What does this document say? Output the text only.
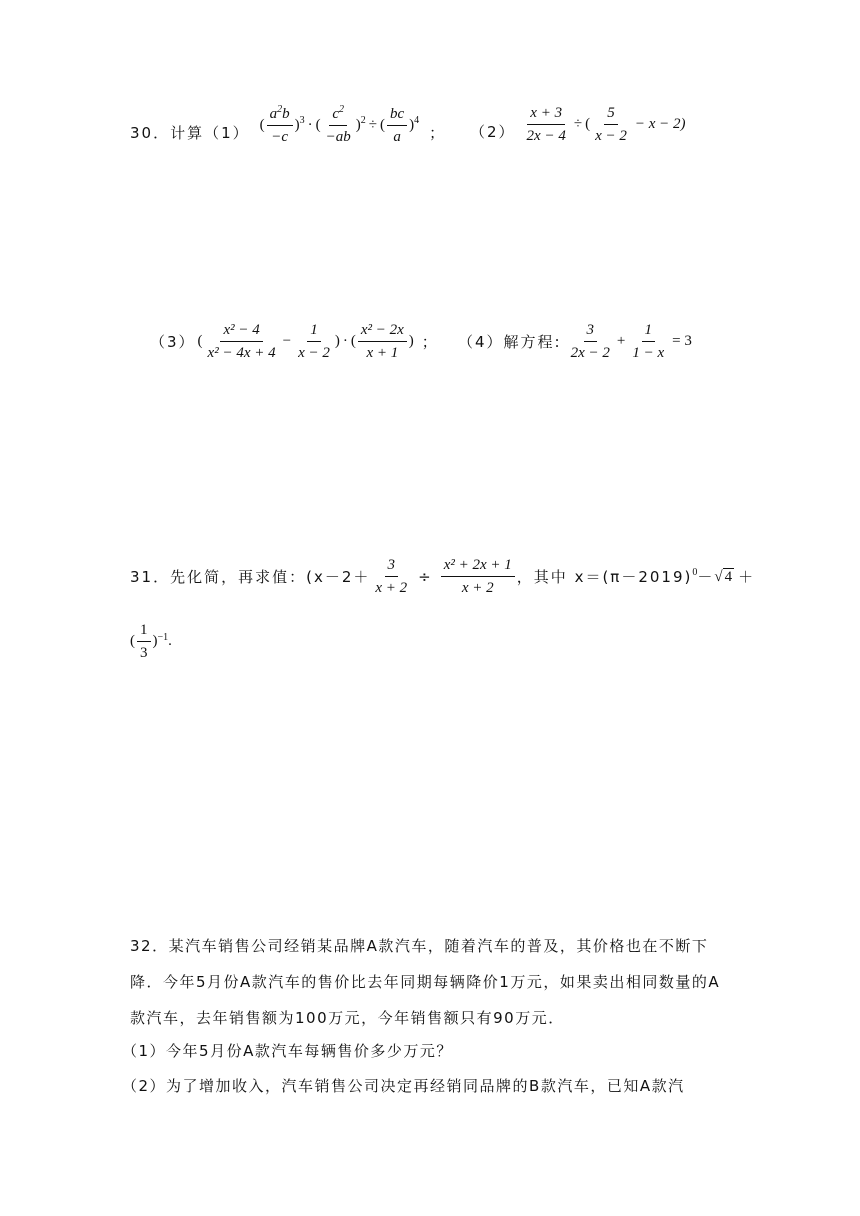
30．计算（1） ( $\frac{a^2b}{-c} )^3$ · ( $\frac{c^2}{-ab} )^2$ ÷ ( $\frac{bc}{a} )^4$
； $(2) \frac{x + 3}{2x - 4}$ ÷ ( $\frac{5}{x - 2} - x - 2$)
（3） ( $\frac{\text{x² − 4}}{\text{x² − 4x + 4}} - \frac{1}{x - 2}$ ) · ( $\frac{\text{x² − 2x}}{x + 1}$ ) ； （4）解方程: $\frac{3}{2x - 2} + \frac{1}{1 - x} = 3$
31．先化简，再求值：($x-2+ \frac{3}{x + 2} \div \frac{\text{x² + 2x + 1}}{x + 2}$ ，其中 x＝(π－2019) 0 － √ 4 ＋
( $\frac{1}{3}$ ) −1 .
32．某汽车销售公司经销某品牌A款汽车，随着汽车的普及，其价格也在不断下降．今年5月份A款汽车的售价比去年同期每辆降价1万元，如果卖出相同数量的A款汽车，去年销售额为100万元，今年销售额只有90万元．
（1）今年5月份A款汽车每辆售价多少万元？
（2）为了增加收入，汽车销售公司决定再经销同品牌的B款汽车，已知A款汽
